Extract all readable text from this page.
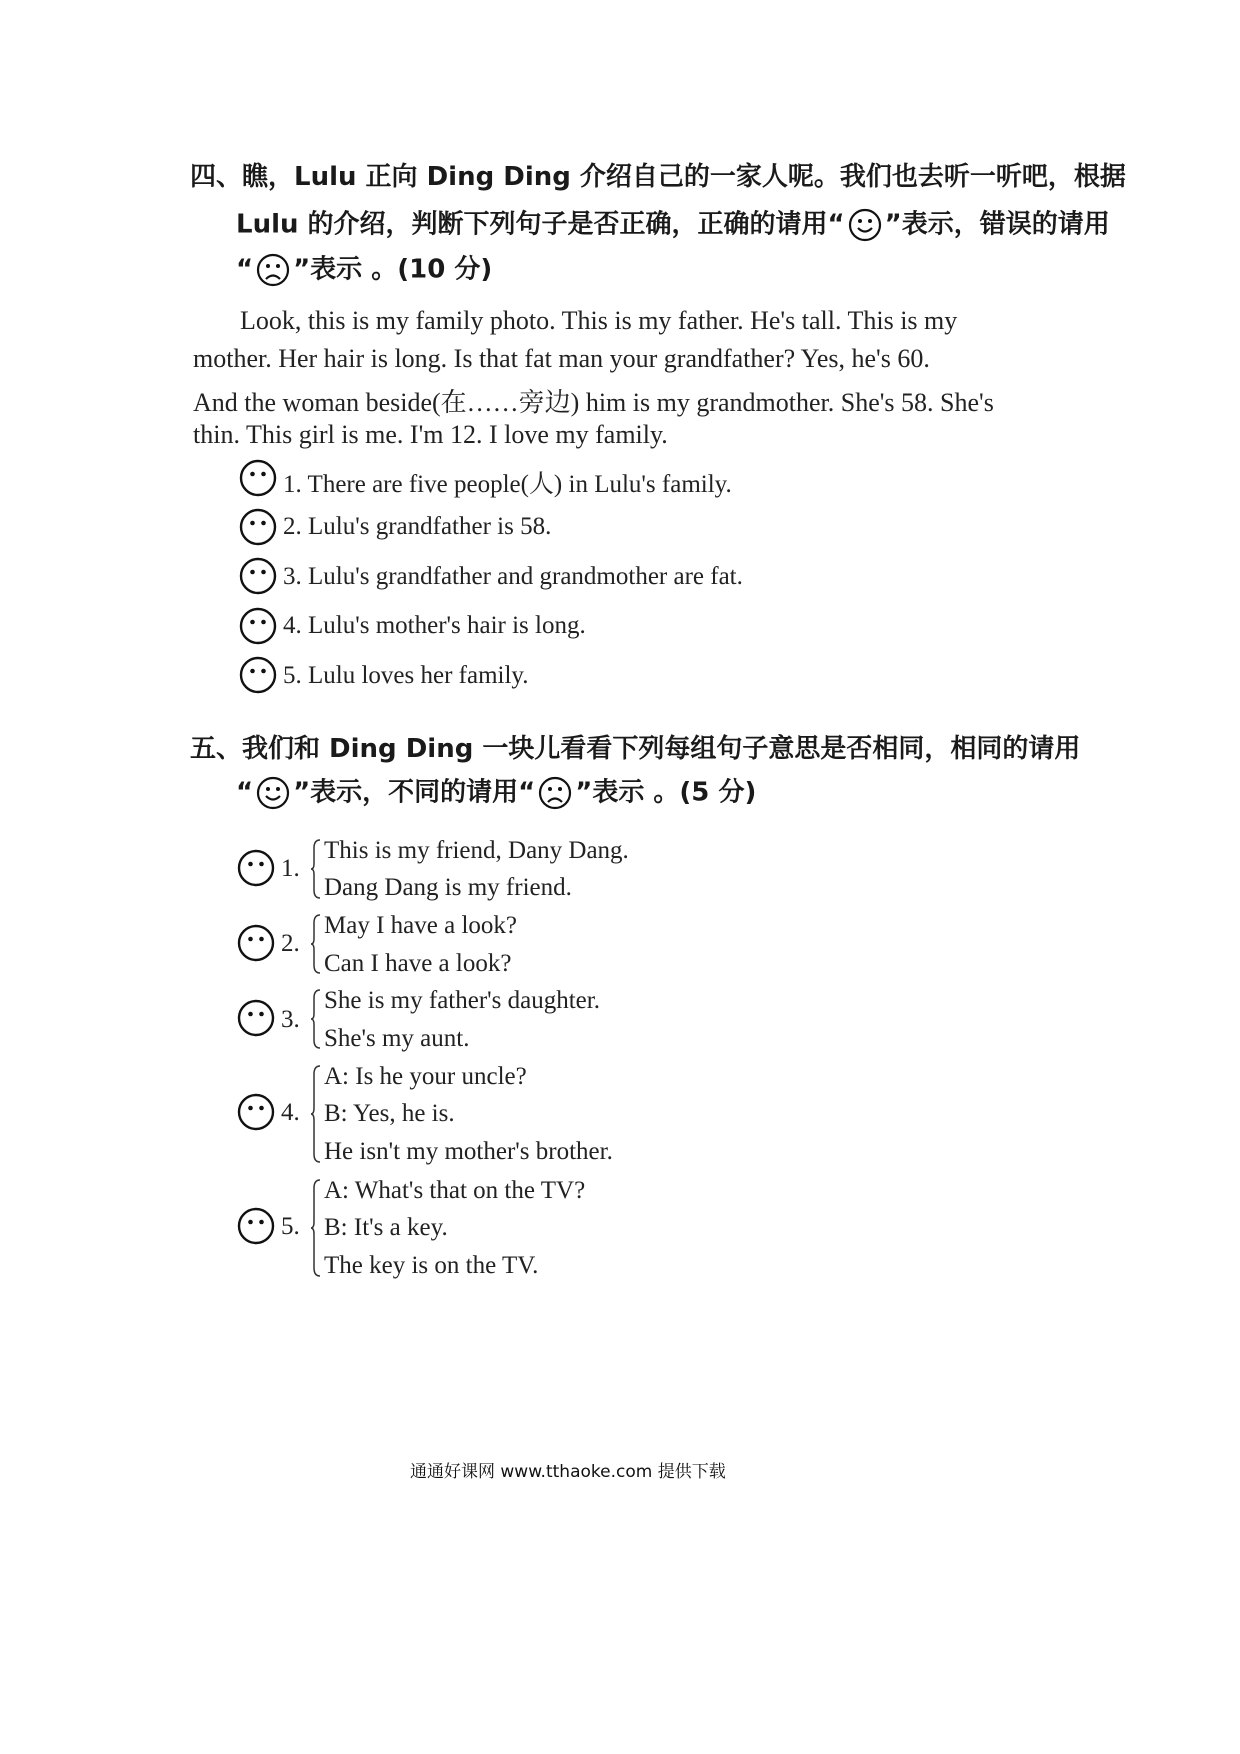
四、瞧，Lulu 正向 Ding Ding 介绍自己的一家人呢。我们也去听一听吧，根据
Lulu 的介绍，判断下列句子是否正确，正确的请用“ ”表示，错误的请用
“ ”表示 。(10 分)
Look, this is my family photo. This is my father. He's tall. This is my
mother. Her hair is long. Is that fat man your grandfather? Yes, he's 60.
And the woman beside(在……旁边) him is my grandmother. She's 58. She's
thin. This girl is me. I'm 12. I love my family.
1. There are five people(人) in Lulu's family.
2. Lulu's grandfather is 58.
3. Lulu's grandfather and grandmother are fat.
4. Lulu's mother's hair is long.
5. Lulu loves her family.
五、我们和 Ding Ding 一块儿看看下列每组句子意思是否相同，相同的请用
“ ”表示，不同的请用“ ”表示 。(5 分)
1.
This is my friend, Dany Dang.
Dang Dang is my friend.
2.
May I have a look?
Can I have a look?
3.
She is my father's daughter.
She's my aunt.
4.
A: Is he your uncle?
B: Yes, he is.
He isn't my mother's brother.
5.
A: What's that on the TV?
B: It's a key.
The key is on the TV.
通通好课网 www.tthaoke.com 提供下载
